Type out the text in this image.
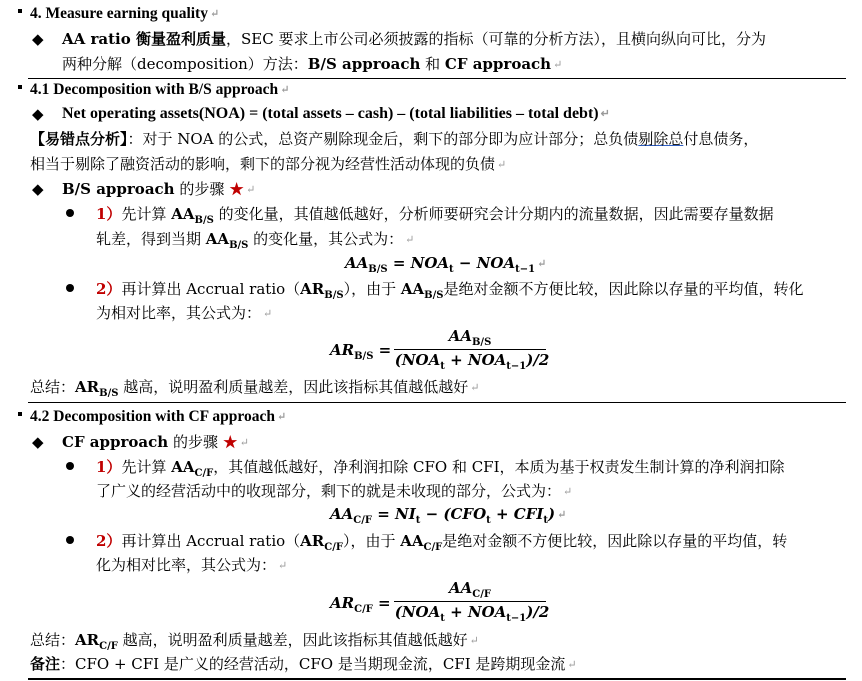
4. Measure earning quality ↵
◆ AA ratio 衡量盈利质量，SEC 要求上市公司必须披露的指标（可靠的分析方法），且横向纵向可比，分为
两种分解（decomposition）方法：B/S approach 和 CF approach ↵
4.1 Decomposition with B/S approach ↵
◆ Net operating assets(NOA) = (total assets – cash) – (total liabilities – total debt) ↵
【易错点分析】：对于 NOA 的公式，总资产剔除现金后，剩下的部分即为应计部分；总负债剔除总付息债务，
相当于剔除了融资活动的影响，剩下的部分视为经营性活动体现的负债 ↵
◆ B/S approach 的步骤 ★ ↵
1）先计算 $AA_{B/S}$ 的变化量，其值越低越好，分析师要研究会计分期内的流量数据，因此需要存量数据
轧差，得到当期 $AA_{B/S}$ 的变化量，其公式为： ↵
$AA_{B/S} = NOA_t - NOA_{t-1}$ ↵
2）再计算出 Accrual $ratio(AR_{B/S})$，由于 $AA_{B/S}$是绝对金额不方便比较，因此除以存量的平均值，转化
为相对比率，其公式为： ↵
$AR_{B/S}$ =
$AA_{B/S}$
$(NOA_t + NOA_{t-1})/2$
总结：$AR_{B/S}$ 越高，说明盈利质量越差，因此该指标其值越低越好 ↵
4.2 Decomposition with CF approach ↵
◆ CF approach 的步骤 ★ ↵
1）先计算 $AA_{C/F}$，其值越低越好，净利润扣除 CFO 和 CFI，本质为基于权责发生制计算的净利润扣除
了广义的经营活动中的收现部分，剩下的就是未收现的部分，公式为： ↵
$AA_{C/F} = NI_t - (CFO_t + CFI_t)$ ↵
2）再计算出 Accrual $ratio(AR_{C/F})$，由于 $AA_{C/F}$是绝对金额不方便比较，因此除以存量的平均值，转
化为相对比率，其公式为： ↵
$AR_{C/F}$ =
$AA_{C/F}$
$(NOA_t + NOA_{t-1})/2$
总结：$AR_{C/F}$ 越高，说明盈利质量越差，因此该指标其值越低越好 ↵
备注：CFO + CFI 是广义的经营活动，CFO 是当期现金流，CFI 是跨期现金流 ↵
